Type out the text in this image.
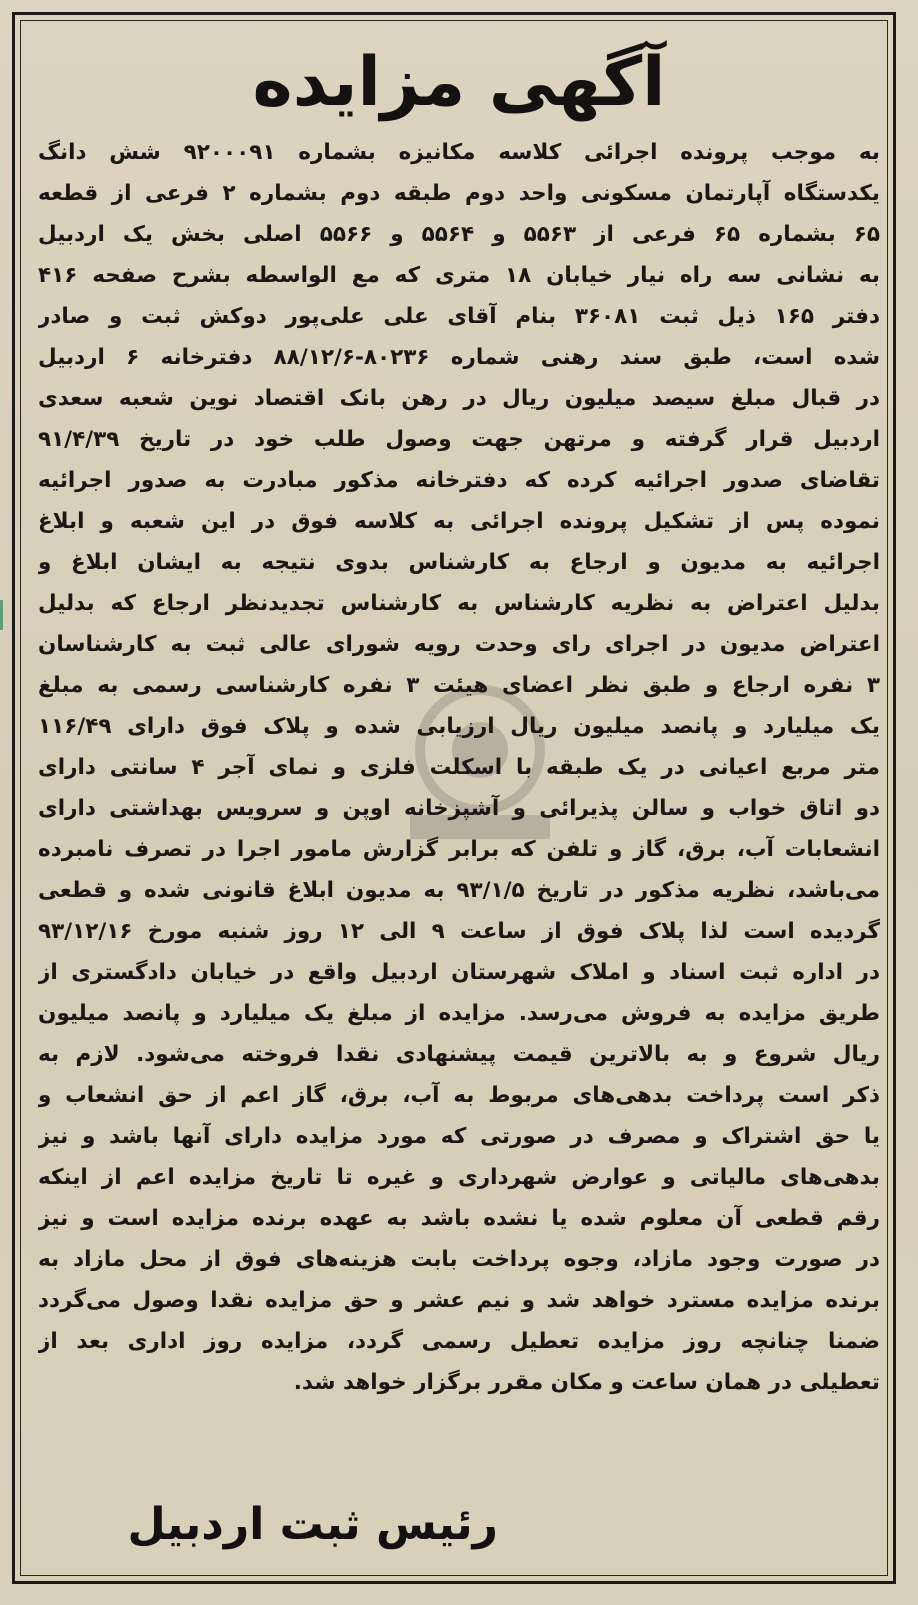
آگهی مزایده
به موجب پرونده اجرائی کلاسه مکانیزه بشماره ۹۲۰۰۰۹۱ شش دانگ
یکدستگاه آپارتمان مسکونی واحد دوم طبقه دوم بشماره ۲ فرعی از قطعه
۶۵ بشماره ۶۵ فرعی از ۵۵۶۳ و ۵۵۶۴ و ۵۵۶۶ اصلی بخش یک اردبیل
به نشانی سه راه نیار خیابان ۱۸ متری که مع الواسطه بشرح صفحه ۴۱۶
دفتر ۱۶۵ ذیل ثبت ۳۶۰۸۱ بنام آقای علی علی‌پور دوکش ثبت و صادر
شده است، طبق سند رهنی شماره ۸۰۲۳۶-۸۸/۱۲/۶ دفترخانه ۶ اردبیل
در قبال مبلغ سیصد میلیون ریال در رهن بانک اقتصاد نوین شعبه سعدی
اردبیل قرار گرفته و مرتهن جهت وصول طلب خود در تاریخ ۹۱/۴/۳۹
تقاضای صدور اجرائیه کرده که دفترخانه مذکور مبادرت به صدور اجرائیه
نموده پس از تشکیل پرونده اجرائی به کلاسه فوق در این شعبه و ابلاغ
اجرائیه به مدیون و ارجاع به کارشناس بدوی نتیجه به ایشان ابلاغ و
بدلیل اعتراض به نظریه کارشناس به کارشناس تجدیدنظر ارجاع که بدلیل
اعتراض مدیون در اجرای رای وحدت رویه شورای عالی ثبت به کارشناسان
۳ نفره ارجاع و طبق نظر اعضای هیئت ۳ نفره کارشناسی رسمی به مبلغ
یک میلیارد و پانصد میلیون ریال ارزیابی شده و پلاک فوق دارای ۱۱۶/۴۹
متر مربع اعیانی در یک طبقه با اسکلت فلزی و نمای آجر ۴ سانتی دارای
دو اتاق خواب و سالن پذیرائی و آشپزخانه اوپن و سرویس بهداشتی دارای
انشعابات آب، برق، گاز و تلفن که برابر گزارش مامور اجرا در تصرف نامبرده
می‌باشد، نظریه مذکور در تاریخ ۹۳/۱/۵ به مدیون ابلاغ قانونی شده و قطعی
گردیده است لذا پلاک فوق از ساعت ۹ الی ۱۲ روز شنبه مورخ ۹۳/۱۲/۱۶
در اداره ثبت اسناد و املاک شهرستان اردبیل واقع در خیابان دادگستری از
طریق مزایده به فروش می‌رسد. مزایده از مبلغ یک میلیارد و پانصد میلیون
ریال شروع و به بالاترین قیمت پیشنهادی نقدا فروخته می‌شود. لازم به
ذکر است پرداخت بدهی‌های مربوط به آب، برق، گاز اعم از حق انشعاب و
یا حق اشتراک و مصرف در صورتی که مورد مزایده دارای آنها باشد و نیز
بدهی‌های مالیاتی و عوارض شهرداری و غیره تا تاریخ مزایده اعم از اینکه
رقم قطعی آن معلوم شده یا نشده باشد به عهده برنده مزایده است و نیز
در صورت وجود مازاد، وجوه پرداخت بابت هزینه‌های فوق از محل مازاد به
برنده مزایده مسترد خواهد شد و نیم عشر و حق مزایده نقدا وصول می‌گردد
ضمنا چنانچه روز مزایده تعطیل رسمی گردد، مزایده روز اداری بعد از
تعطیلی در همان ساعت و مکان مقرر برگزار خواهد شد.
رئیس ثبت اردبیل
